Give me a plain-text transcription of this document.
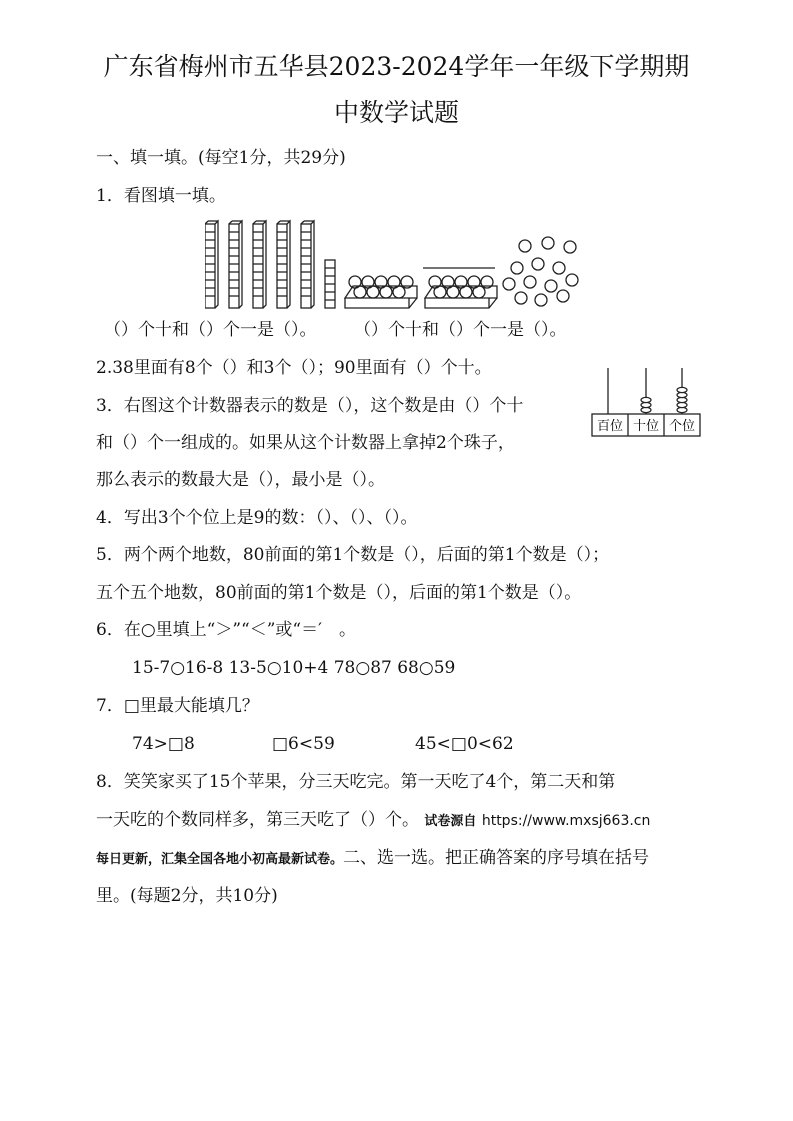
广东省梅州市五华县2023-2024学年一年级下学期期
中数学试题
一、填一填。(每空1分，共29分)
1．看图填一填。
（）个十和（）个一是（）。 （）个十和（）个一是（）。
2.38里面有8个（）和3个（）；90里面有（）个十。
百位 十位 个位
3．右图这个计数器表示的数是（），这个数是由（）个十
和（）个一组成的。如果从这个计数器上拿掉2个珠子，
那么表示的数最大是（），最小是（）。
4．写出3个个位上是9的数：（）、（）、（）。
5．两个两个地数，80前面的第1个数是（），后面的第1个数是（）；
五个五个地数，80前面的第1个数是（），后面的第1个数是（）。
6．在○里填上“＞”“＜”或“＝′　。
15-7○16-8 13-5○10+4 78○87 68○59
7．□里最大能填几？
74>□8	□6<59	45<□0<62
8．笑笑家买了15个苹果，分三天吃完。第一天吃了4个，第二天和第
一天吃的个数同样多，第三天吃了（）个。 试卷源自 https://www.mxsj663.cn
每日更新，汇集全国各地小初高最新试卷。二、选一选。把正确答案的序号填在括号
里。(每题2分，共10分)
